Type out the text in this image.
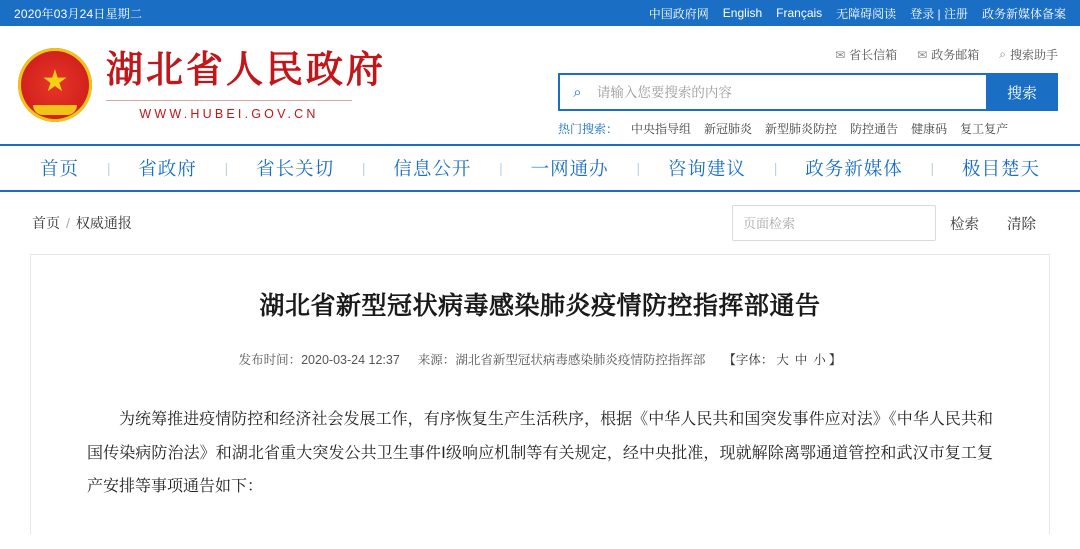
2020年03月24日星期二	中国政府网 English Français 无障碍阅读 登录 | 注册 政务新媒体备案
★ 湖北省人民政府
WWW.HUBEI.GOV.CN
✉ 省长信箱 ✉ 政务邮箱 ⌕ 搜索助手
⌕
请输入您要搜索的内容	搜索
热门搜索： 中央指导组 新冠肺炎 新型肺炎防控 防控通告 健康码 复工复产
首页 | 省政府 | 省长关切 | 信息公开 | 一网通办 | 咨询建议 | 政务新媒体 | 极目楚天
首页 / 权威通报
页面检索	检索	清除
湖北省新型冠状病毒感染肺炎疫情防控指挥部通告
发布时间：2020-03-24 12:37 来源：湖北省新型冠状病毒感染肺炎疫情防控指挥部 【字体： 大 中 小 】
为统筹推进疫情防控和经济社会发展工作，有序恢复生产生活秩序，根据《中华人民共和国突发事件应对法》《中华人民共和国传染病防治法》和湖北省重大突发公共卫生事件I级响应机制等有关规定，经中央批准，现就解除离鄂通道管控和武汉市复工复产安排等事项通告如下：
